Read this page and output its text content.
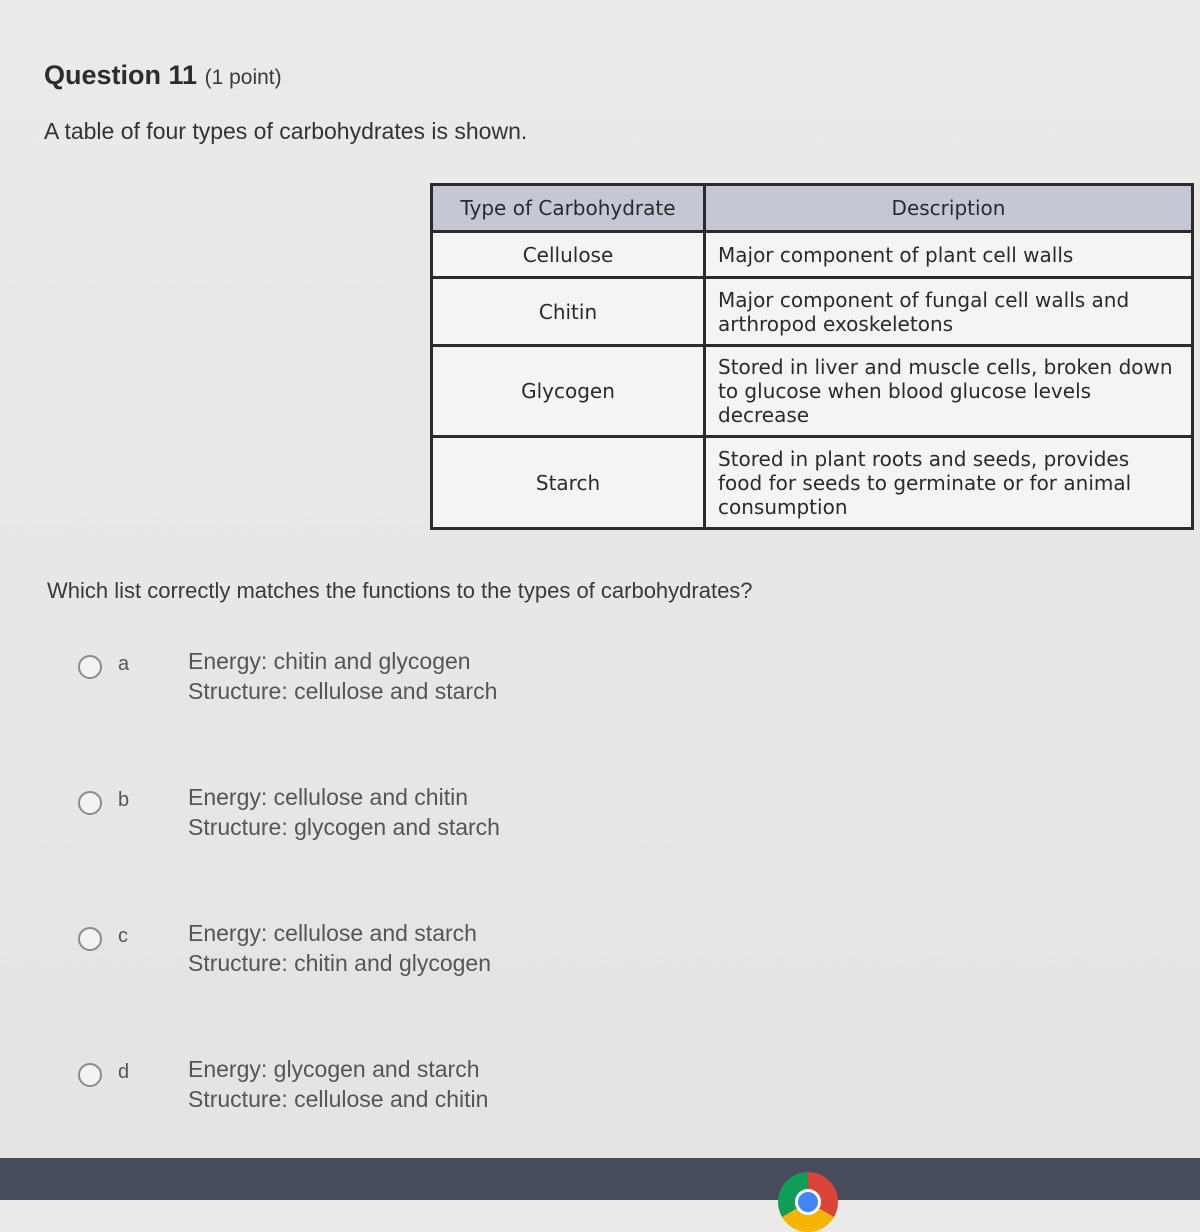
Question 11 (1 point)
A table of four types of carbohydrates is shown.
Type of Carbohydrate	Description
Cellulose	Major component of plant cell walls
Chitin	Major component of fungal cell walls and arthropod exoskeletons
Glycogen	Stored in liver and muscle cells, broken down to glucose when blood glucose levels decrease
Starch	Stored in plant roots and seeds, provides food for seeds to germinate or for animal consumption
Which list correctly matches the functions to the types of carbohydrates?
a	Energy: chitin and glycogen
Structure: cellulose and starch
b	Energy: cellulose and chitin
Structure: glycogen and starch
c	Energy: cellulose and starch
Structure: chitin and glycogen
d	Energy: glycogen and starch
Structure: cellulose and chitin
